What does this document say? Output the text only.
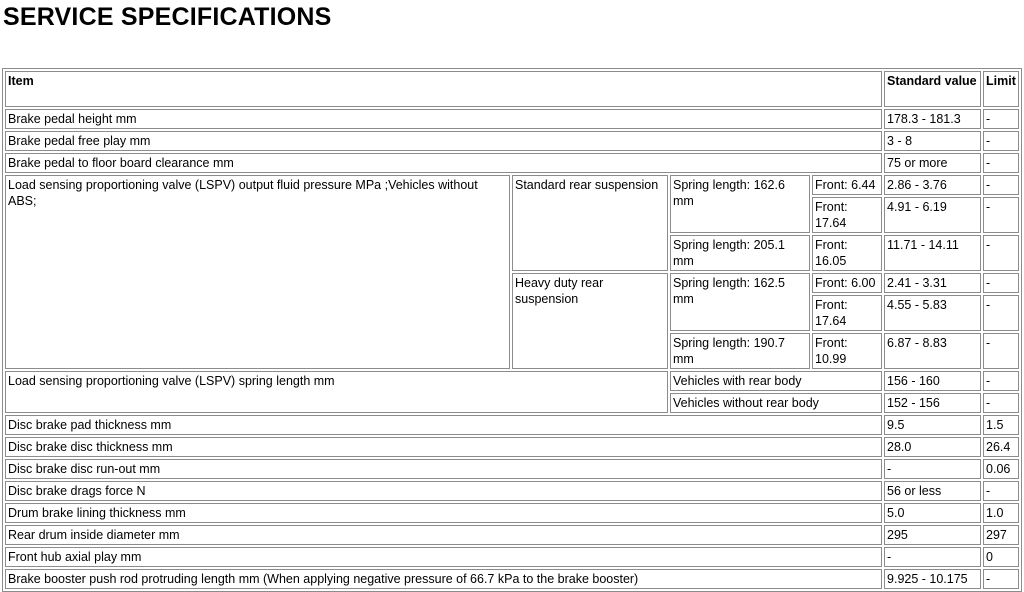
SERVICE SPECIFICATIONS
Item				Standard value	Limit
Brake pedal height mm				178.3 - 181.3	-
Brake pedal free play mm				3 - 8	-
Brake pedal to floor board clearance mm				75 or more	-
Load sensing proportioning valve (LSPV) output fluid pressure MPa ;Vehicles without ABS;	Standard rear suspension	Spring length: 162.6 mm	Front: 6.44	2.86 - 3.76	-
			Front: 17.64	4.91 - 6.19	-
		Spring length: 205.1 mm	Front: 16.05	11.71 - 14.11	-
	Heavy duty rear suspension	Spring length: 162.5 mm	Front: 6.00	2.41 - 3.31	-
			Front: 17.64	4.55 - 5.83	-
		Spring length: 190.7 mm	Front: 10.99	6.87 - 8.83	-
Load sensing proportioning valve (LSPV) spring length mm		Vehicles with rear body		156 - 160	-
		Vehicles without rear body		152 - 156	-
Disc brake pad thickness mm				9.5	1.5
Disc brake disc thickness mm				28.0	26.4
Disc brake disc run-out mm				-	0.06
Disc brake drags force N				56 or less	-
Drum brake lining thickness mm				5.0	1.0
Rear drum inside diameter mm				295	297
Front hub axial play mm				-	0
Brake booster push rod protruding length mm (When applying negative pressure of 66.7 kPa to the brake booster)				9.925 - 10.175	-
